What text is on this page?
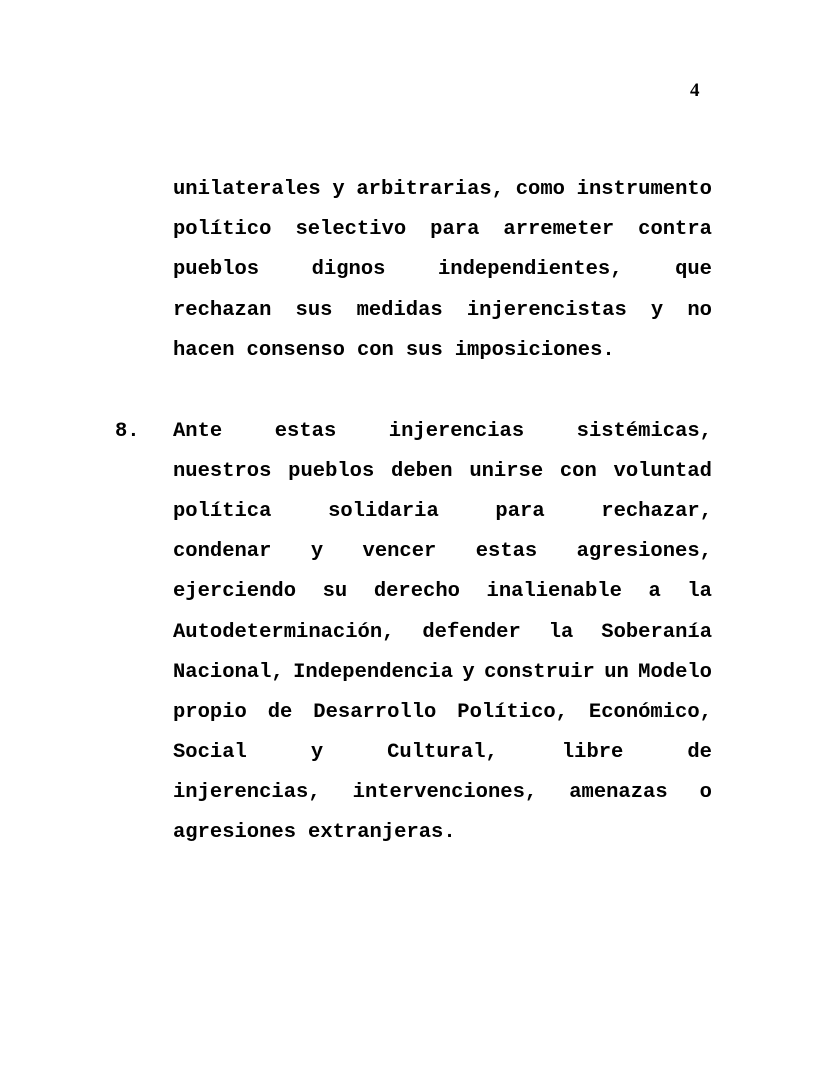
4
unilaterales y arbitrarias, como instrumento
político selectivo para arremeter contra
pueblos	dignos	independientes,	que
rechazan sus medidas injerencistas y no
hacen consenso con sus imposiciones.
8. Ante	estas	injerencias	sistémicas,
nuestros pueblos deben unirse con voluntad
política	solidaria	para	rechazar,
condenar y vencer estas agresiones,
ejerciendo su derecho inalienable a la
Autodeterminación, defender la Soberanía
Nacional, Independencia y construir un Modelo
propio de Desarrollo Político, Económico,
Social	y	Cultural,	libre	de
injerencias, intervenciones, amenazas o
agresiones extranjeras.
